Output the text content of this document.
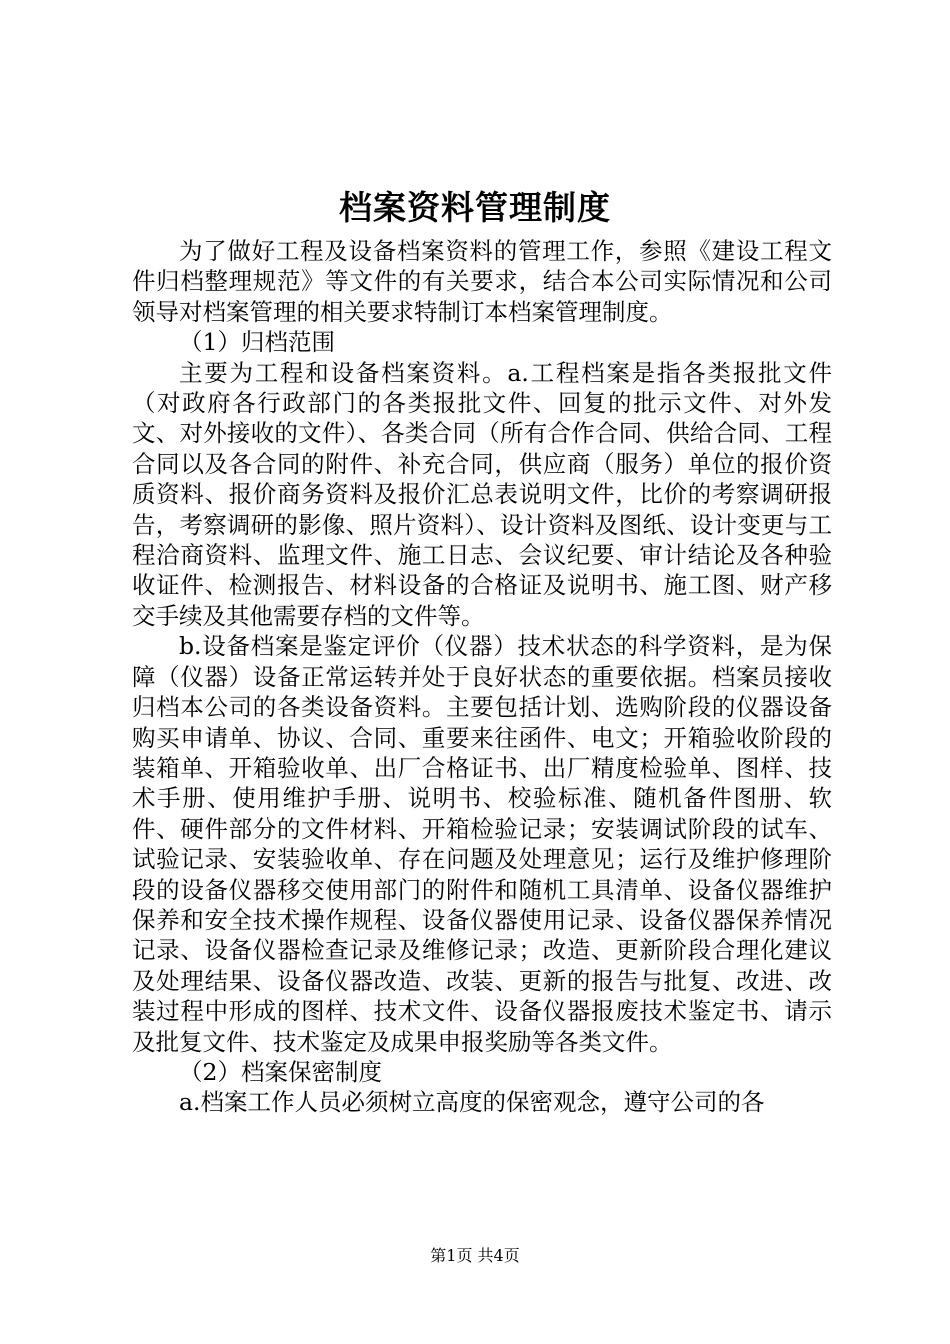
档案资料管理制度

为了做好工程及设备档案资料的管理工作，参照《建设工程文件归档整理规范》等文件的有关要求，结合本公司实际情况和公司领导对档案管理的相关要求特制订本档案管理制度。

（1）归档范围

主要为工程和设备档案资料。a.工程档案是指各类报批文件（对政府各行政部门的各类报批文件、回复的批示文件、对外发文、对外接收的文件）、各类合同（所有合作合同、供给合同、工程合同以及各合同的附件、补充合同，供应商（服务）单位的报价资质资料、报价商务资料及报价汇总表说明文件，比价的考察调研报告，考察调研的影像、照片资料）、设计资料及图纸、设计变更与工程洽商资料、监理文件、施工日志、会议纪要、审计结论及各种验收证件、检测报告、材料设备的合格证及说明书、施工图、财产移交手续及其他需要存档的文件等。

b.设备档案是鉴定评价（仪器）技术状态的科学资料，是为保障（仪器）设备正常运转并处于良好状态的重要依据。档案员接收归档本公司的各类设备资料。主要包括计划、选购阶段的仪器设备购买申请单、协议、合同、重要来往函件、电文；开箱验收阶段的装箱单、开箱验收单、出厂合格证书、出厂精度检验单、图样、技术手册、使用维护手册、说明书、校验标准、随机备件图册、软件、硬件部分的文件材料、开箱检验记录；安装调试阶段的试车、试验记录、安装验收单、存在问题及处理意见；运行及维护修理阶段的设备仪器移交使用部门的附件和随机工具清单、设备仪器维护保养和安全技术操作规程、设备仪器使用记录、设备仪器保养情况记录、设备仪器检查记录及维修记录；改造、更新阶段合理化建议及处理结果、设备仪器改造、改装、更新的报告与批复、改进、改装过程中形成的图样、技术文件、设备仪器报废技术鉴定书、请示及批复文件、技术鉴定及成果申报奖励等各类文件。

（2）档案保密制度

a.档案工作人员必须树立高度的保密观念，遵守公司的各

第1页 共4页
